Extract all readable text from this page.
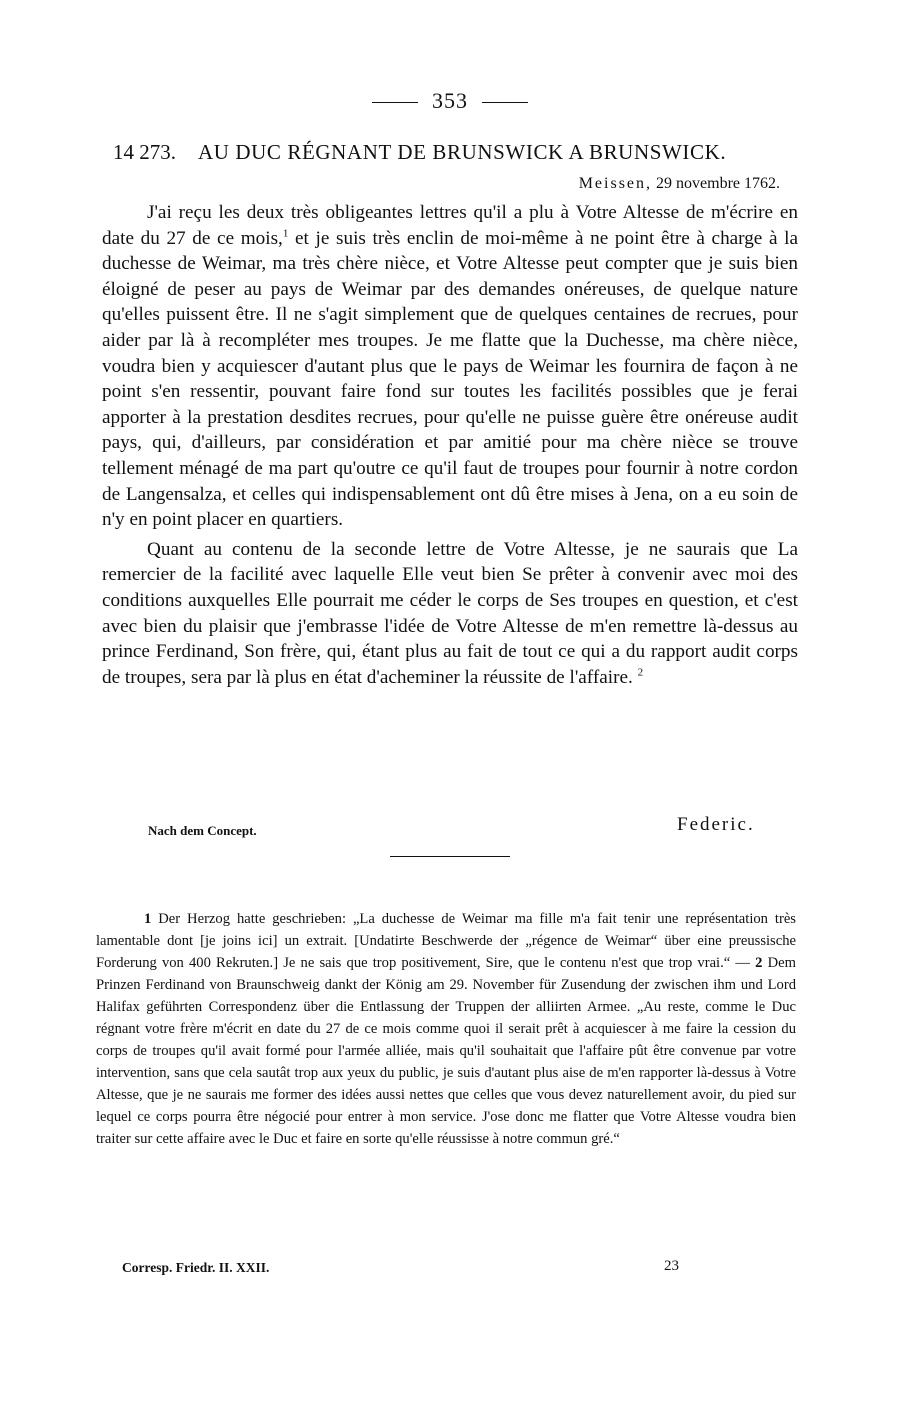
353
14 273. AU DUC RÉGNANT DE BRUNSWICK A BRUNSWICK.
Meissen, 29 novembre 1762.

J'ai reçu les deux très obligeantes lettres qu'il a plu à Votre Altesse de m'écrire en date du 27 de ce mois,$^1$ et je suis très enclin de moi-même à ne point être à charge à la duchesse de Weimar, ma très chère nièce, et Votre Altesse peut compter que je suis bien éloigné de peser au pays de Weimar par des demandes onéreuses, de quelque nature qu'elles puissent être. Il ne s'agit simplement que de quelques centaines de recrues, pour aider par là à recompléter mes troupes. Je me flatte que la Duchesse, ma chère nièce, voudra bien y acquiescer d'autant plus que le pays de Weimar les fournira de façon à ne point s'en ressentir, pouvant faire fond sur toutes les facilités possibles que je ferai apporter à la prestation desdites recrues, pour qu'elle ne puisse guère être onéreuse audit pays, qui, d'ailleurs, par considération et par amitié pour ma chère nièce se trouve tellement ménagé de ma part qu'outre ce qu'il faut de troupes pour fournir à notre cordon de Langensalza, et celles qui indispensablement ont dû être mises à Jena, on a eu soin de n'y en point placer en quartiers.

Quant au contenu de la seconde lettre de Votre Altesse, je ne saurais que La remercier de la facilité avec laquelle Elle veut bien Se prêter à convenir avec moi des conditions auxquelles Elle pourrait me céder le corps de Ses troupes en question, et c'est avec bien du plaisir que j'embrasse l'idée de Votre Altesse de m'en remettre là-dessus au prince Ferdinand, Son frère, qui, étant plus au fait de tout ce qui a du rapport audit corps de troupes, sera par là plus en état d'acheminer la réussite de l'affaire. $^2$

Nach dem Concept.	Federic.

1 Der Herzog hatte geschrieben: „La duchesse de Weimar ma fille m'a fait tenir une représentation très lamentable dont [je joins ici] un extrait. [Undatirte Beschwerde der „régence de Weimar“ über eine preussische Forderung von 400 Rekruten.] Je ne sais que trop positivement, Sire, que le contenu n'est que trop vrai.“ — 2 Dem Prinzen Ferdinand von Braunschweig dankt der König am 29. November für Zusendung der zwischen ihm und Lord Halifax geführten Correspondenz über die Entlassung der Truppen der alliirten Armee. „Au reste, comme le Duc régnant votre frère m'écrit en date du 27 de ce mois comme quoi il serait prêt à acquiescer à me faire la cession du corps de troupes qu'il avait formé pour l'armée alliée, mais qu'il souhaitait que l'affaire pût être convenue par votre intervention, sans que cela sautât trop aux yeux du public, je suis d'autant plus aise de m'en rapporter là-dessus à Votre Altesse, que je ne saurais me former des idées aussi nettes que celles que vous devez naturellement avoir, du pied sur lequel ce corps pourra être négocié pour entrer à mon service. J'ose donc me flatter que Votre Altesse voudra bien traiter sur cette affaire avec le Duc et faire en sorte qu'elle réussisse à notre commun gré.“

Corresp. Friedr. II. XXII.	23
